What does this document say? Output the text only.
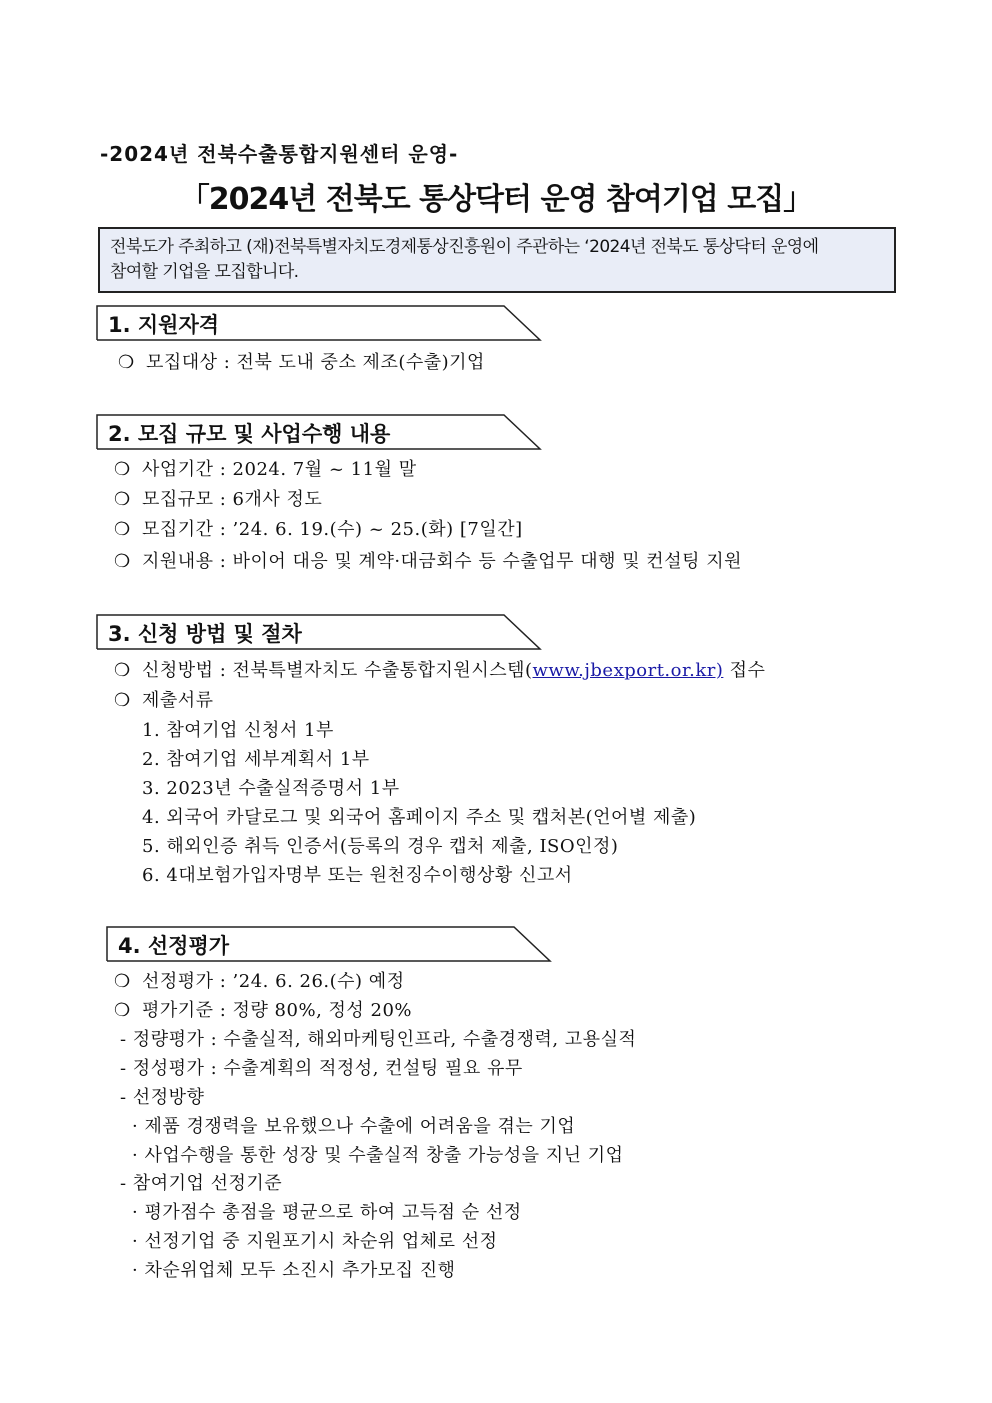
-2024년 전북수출통합지원센터 운영-
「2024년 전북도 통상닥터 운영 참여기업 모집」
전북도가 주최하고 (재)전북특별자치도경제통상진흥원이 주관하는 ‘2024년 전북도 통상닥터 운영에
참여할 기업을 모집합니다.
1. 지원자격
❍ 모집대상 : 전북 도내 중소 제조(수출)기업
2. 모집 규모 및 사업수행 내용
❍ 사업기간 : 2024. 7월 ~ 11월 말
❍ 모집규모 : 6개사 정도
❍ 모집기간 : ’24. 6. 19.(수) ~ 25.(화) [7일간]
❍ 지원내용 : 바이어 대응 및 계약·대금회수 등 수출업무 대행 및 컨설팅 지원
3. 신청 방법 및 절차
❍ 신청방법 : 전북특별자치도 수출통합지원시스템(www.jbexport.or.kr) 접수
❍ 제출서류
1. 참여기업 신청서 1부
2. 참여기업 세부계획서 1부
3. 2023년 수출실적증명서 1부
4. 외국어 카달로그 및 외국어 홈페이지 주소 및 캡처본(언어별 제출)
5. 해외인증 취득 인증서(등록의 경우 캡처 제출, ISO인정)
6. 4대보험가입자명부 또는 원천징수이행상황 신고서
4. 선정평가
❍ 선정평가 : ’24. 6. 26.(수) 예정
❍ 평가기준 : 정량 80%, 정성 20%
- 정량평가 : 수출실적, 해외마케팅인프라, 수출경쟁력, 고용실적
- 정성평가 : 수출계획의 적정성, 컨설팅 필요 유무
- 선정방향
· 제품 경쟁력을 보유했으나 수출에 어려움을 겪는 기업
· 사업수행을 통한 성장 및 수출실적 창출 가능성을 지닌 기업
- 참여기업 선정기준
· 평가점수 총점을 평균으로 하여 고득점 순 선정
· 선정기업 중 지원포기시 차순위 업체로 선정
· 차순위업체 모두 소진시 추가모집 진행
